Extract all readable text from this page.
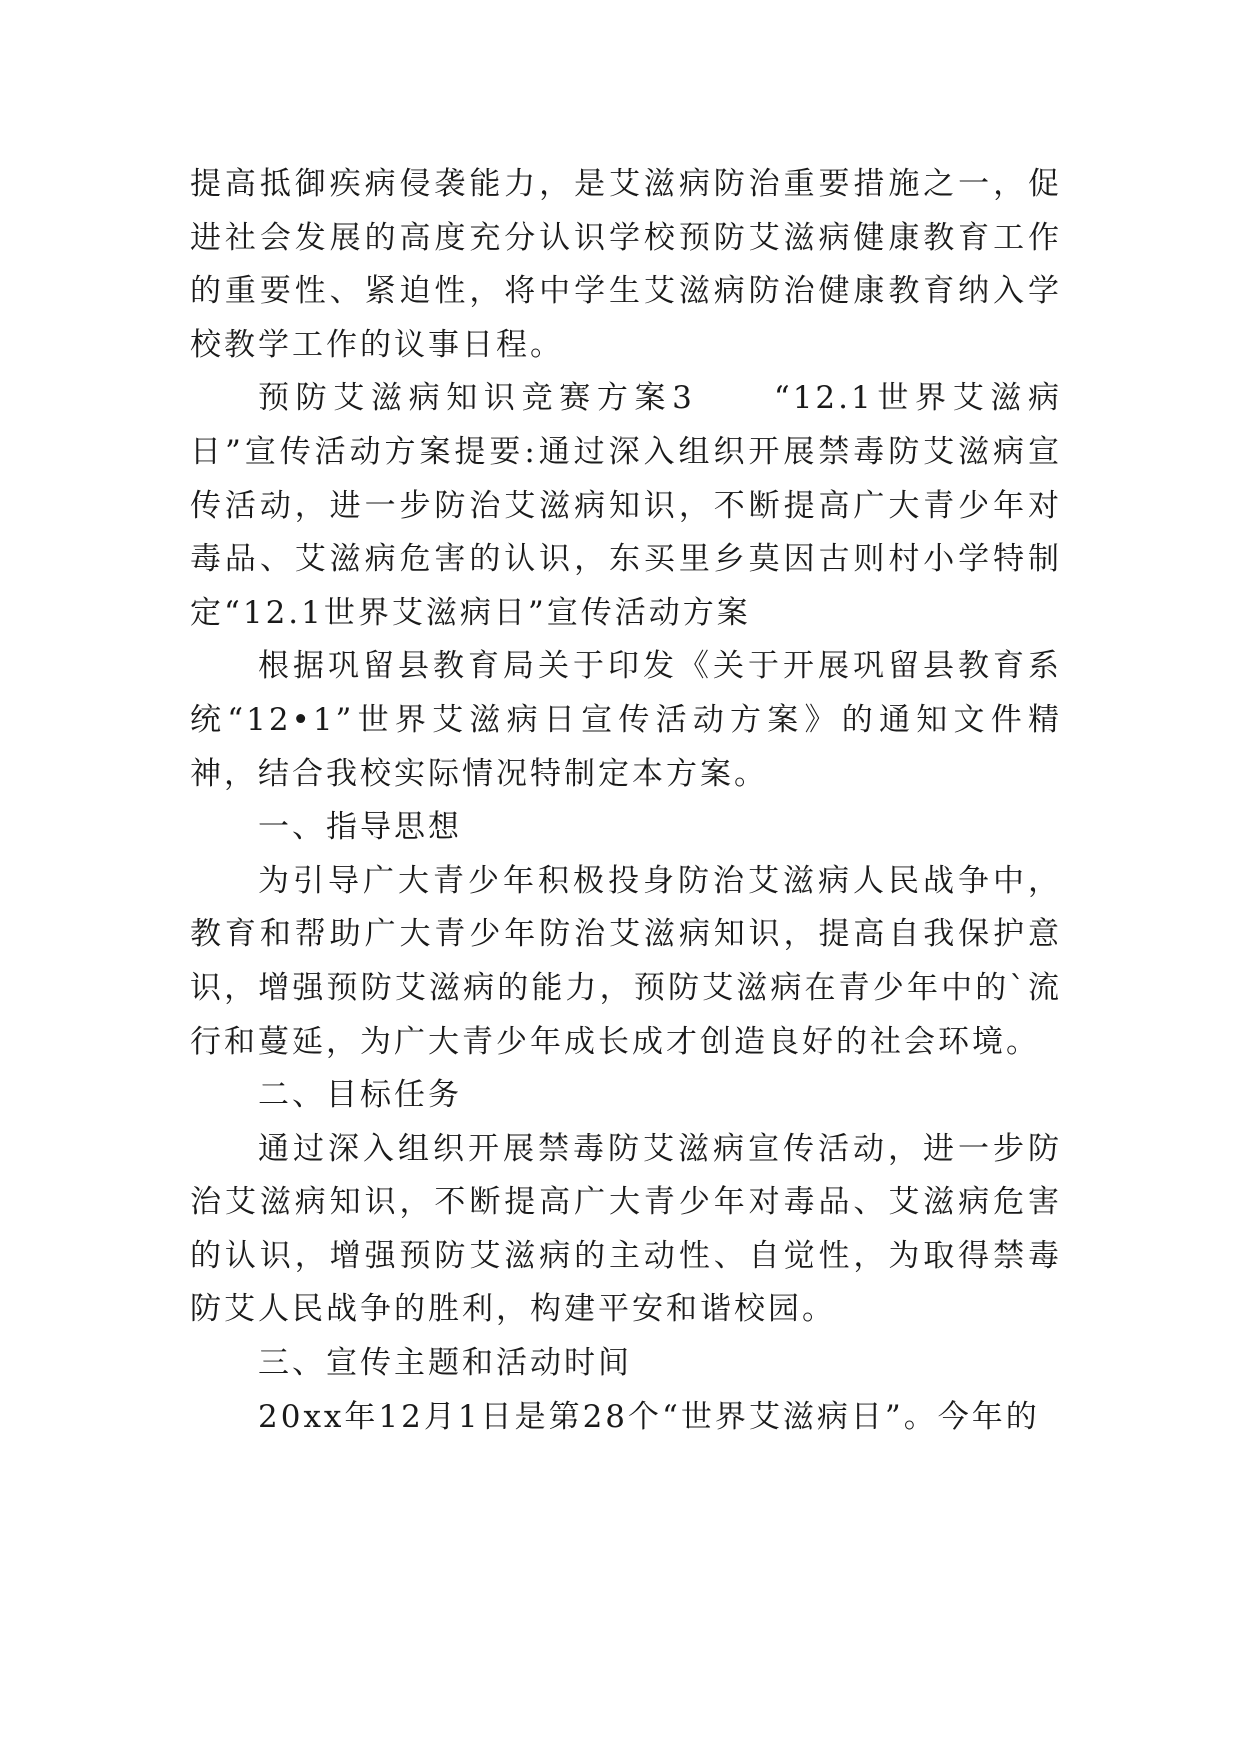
提高抵御疾病侵袭能力，是艾滋病防治重要措施之一，促进社会发展的高度充分认识学校预防艾滋病健康教育工作的重要性、紧迫性，将中学生艾滋病防治健康教育纳入学校教学工作的议事日程。

预防艾滋病知识竞赛方案3　　“12.1世界艾滋病日”宣传活动方案提要:通过深入组织开展禁毒防艾滋病宣传活动，进一步防治艾滋病知识，不断提高广大青少年对毒品、艾滋病危害的认识，东买里乡莫因古则村小学特制定“12.1世界艾滋病日”宣传活动方案

根据巩留县教育局关于印发《关于开展巩留县教育系统“12•1”世界艾滋病日宣传活动方案》的通知文件精神，结合我校实际情况特制定本方案。

一、指导思想

为引导广大青少年积极投身防治艾滋病人民战争中，教育和帮助广大青少年防治艾滋病知识，提高自我保护意识，增强预防艾滋病的能力，预防艾滋病在青少年中的`流行和蔓延，为广大青少年成长成才创造良好的社会环境。

二、目标任务

通过深入组织开展禁毒防艾滋病宣传活动，进一步防治艾滋病知识，不断提高广大青少年对毒品、艾滋病危害的认识，增强预防艾滋病的主动性、自觉性，为取得禁毒防艾人民战争的胜利，构建平安和谐校园。

三、宣传主题和活动时间

20xx年12月1日是第28个“世界艾滋病日”。今年的
